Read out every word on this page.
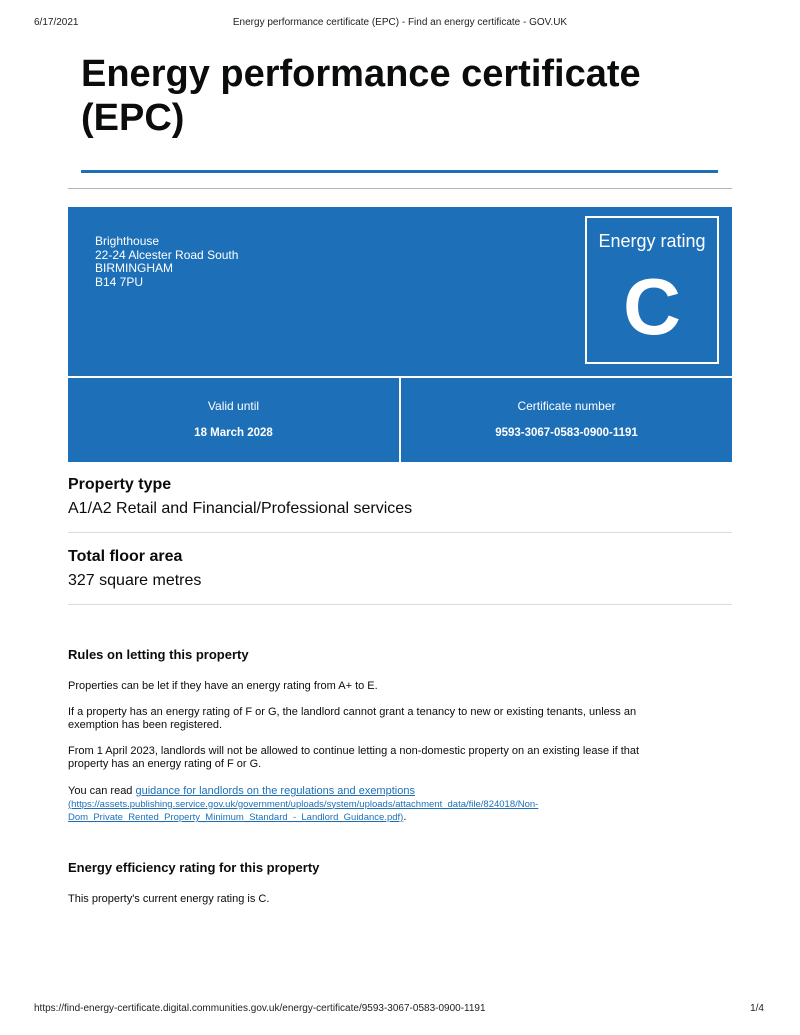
6/17/2021	Energy performance certificate (EPC) - Find an energy certificate - GOV.UK
Energy performance certificate
(EPC)
Brighthouse
22-24 Alcester Road South
BIRMINGHAM
B14 7PU
Energy rating
C
Valid until
18 March 2028
Certificate number
9593-3067-0583-0900-1191
Property type
A1/A2 Retail and Financial/Professional services
Total floor area
327 square metres
Rules on letting this property

Properties can be let if they have an energy rating from A+ to E.

If a property has an energy rating of F or G, the landlord cannot grant a tenancy to new or existing tenants, unless an
exemption has been registered.

From 1 April 2023, landlords will not be allowed to continue letting a non-domestic property on an existing lease if that
property has an energy rating of F or G.

You can read guidance for landlords on the regulations and exemptions
(https://assets.publishing.service.gov.uk/government/uploads/system/uploads/attachment_data/file/824018/Non-
Dom_Private_Rented_Property_Minimum_Standard_-_Landlord_Guidance.pdf).

Energy efficiency rating for this property

This property's current energy rating is C.

https://find-energy-certificate.digital.communities.gov.uk/energy-certificate/9593-3067-0583-0900-1191	1/4
